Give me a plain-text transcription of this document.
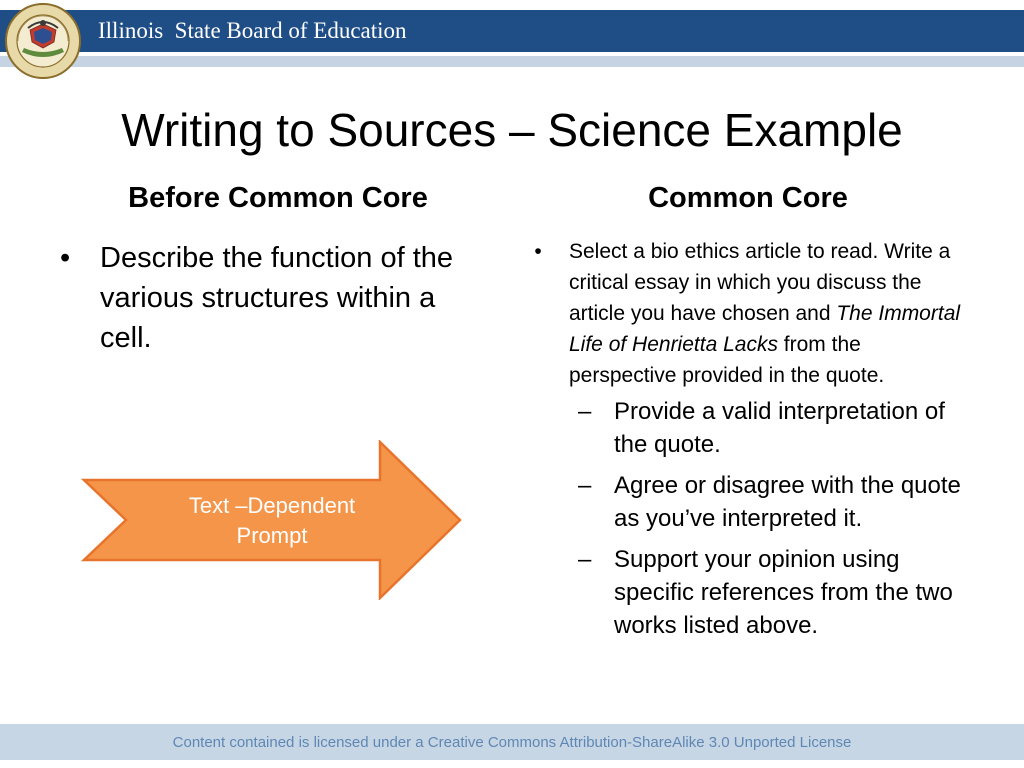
Illinois  State Board of Education
Writing to Sources – Science Example
Before Common Core	Common Core
•	Describe the function of the various structures within a cell.
•	Select a bio ethics article to read. Write a critical essay in which you discuss the article you have chosen and The Immortal Life of Henrietta Lacks from the perspective provided in the quote.
– Provide a valid interpretation of the quote.
– Agree or disagree with the quote as you’ve interpreted it.
– Support your opinion using specific references from the two works listed above.
Text –Dependent
Prompt
Content contained is licensed under a Creative Commons Attribution-ShareAlike 3.0 Unported License
